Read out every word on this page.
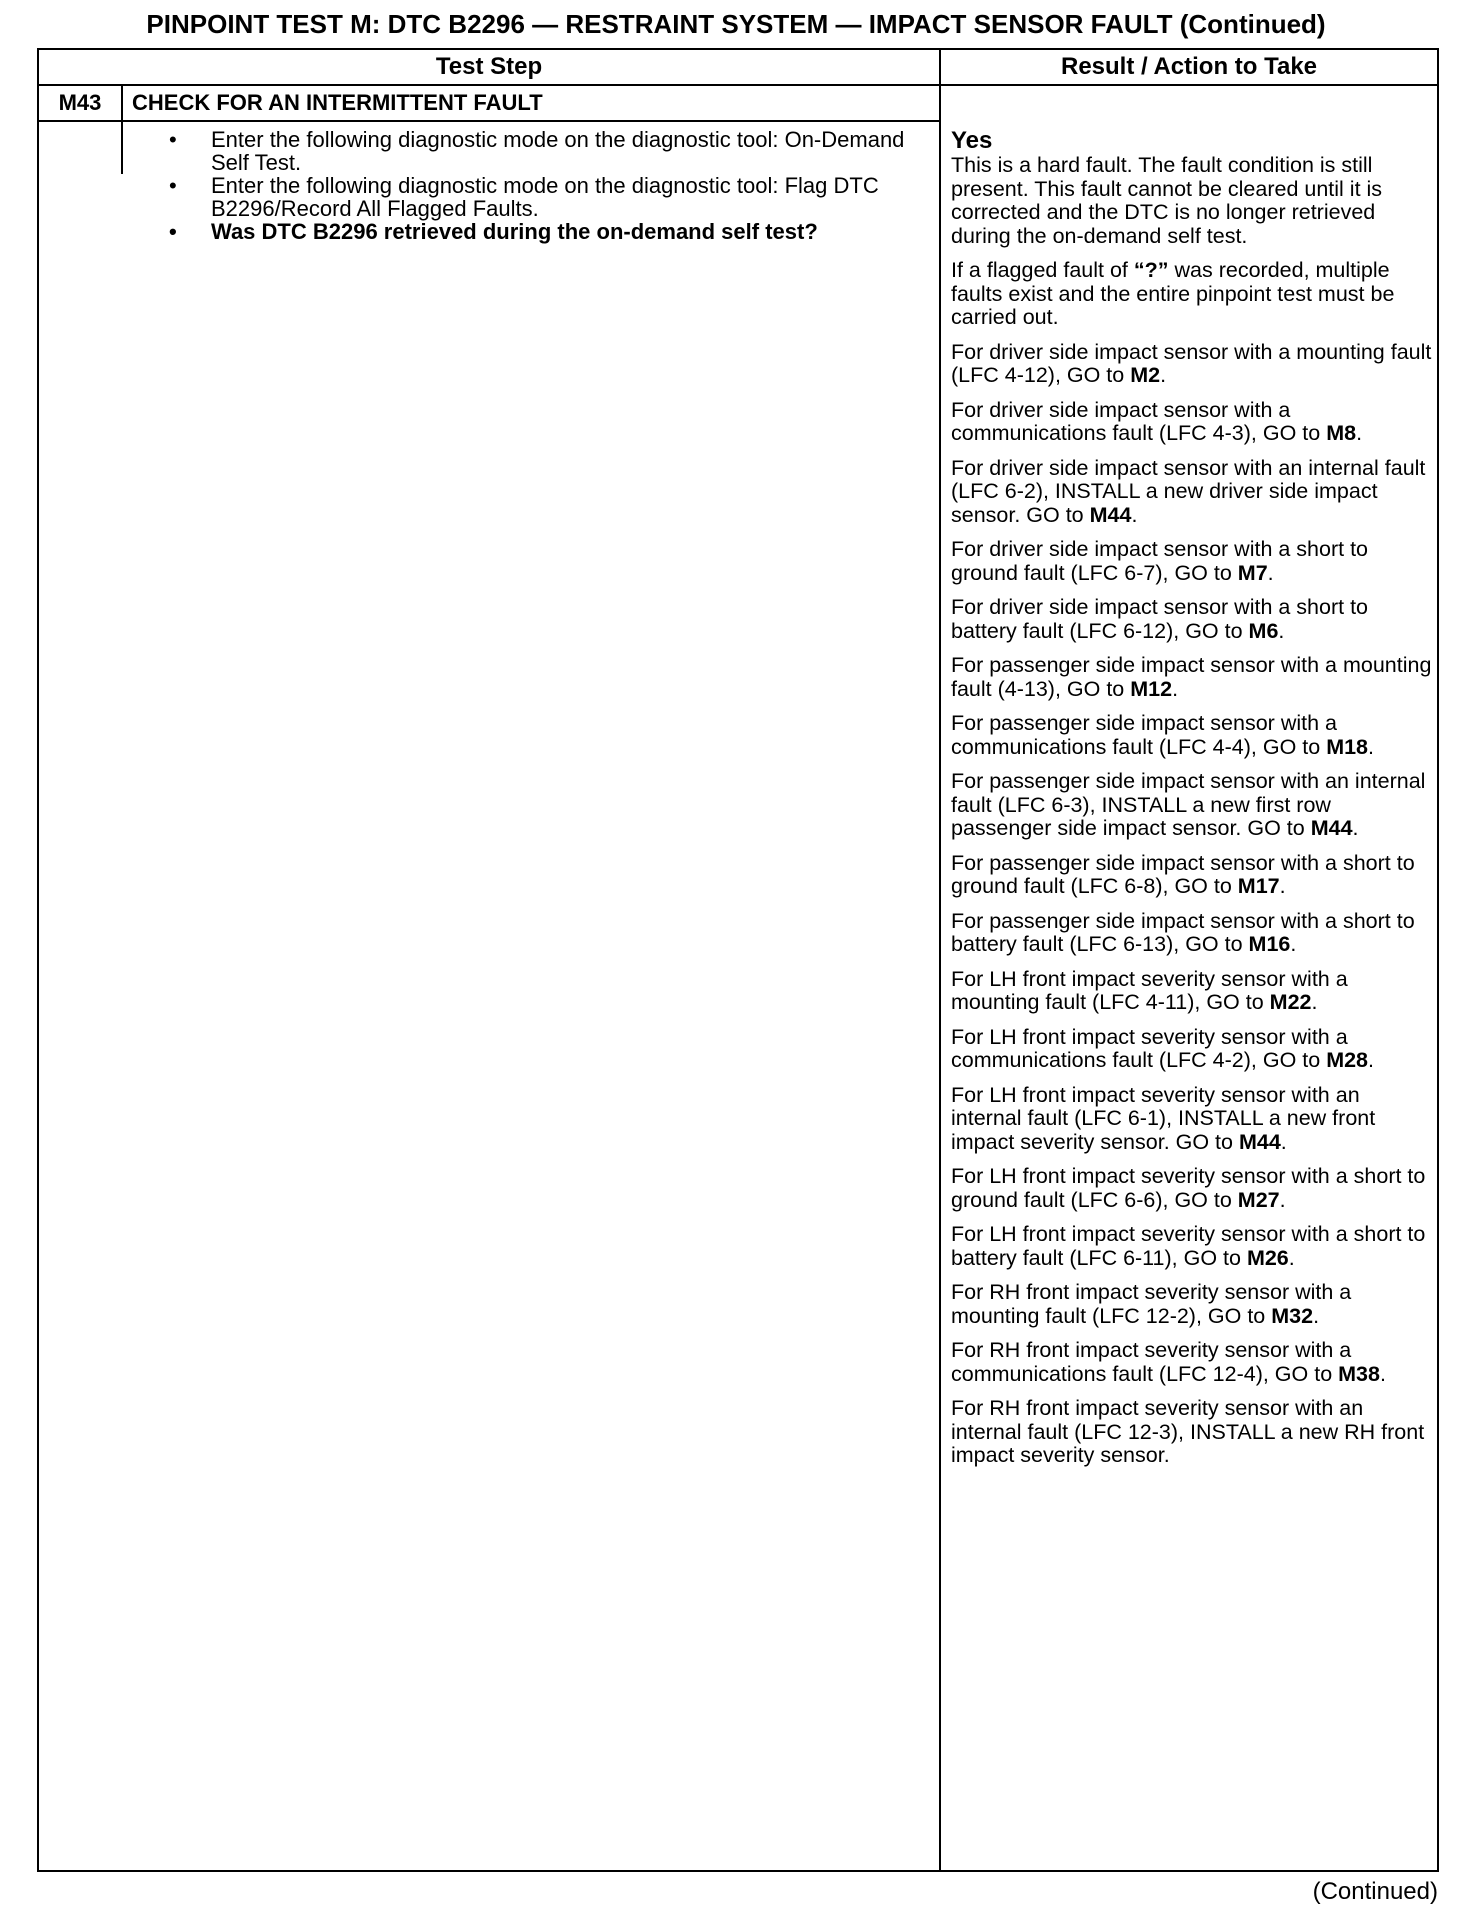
PINPOINT TEST M: DTC B2296 — RESTRAINT SYSTEM — IMPACT SENSOR FAULT (Continued)
Test Step	Result / Action to Take
M43	CHECK FOR AN INTERMITTENT FAULT
• Enter the following diagnostic mode on the diagnostic tool: On-Demand Self Test.
• Enter the following diagnostic mode on the diagnostic tool: Flag DTC B2296/Record All Flagged Faults.
• Was DTC B2296 retrieved during the on-demand self test?
Yes

This is a hard fault. The fault condition is still present. This fault cannot be cleared until it is corrected and the DTC is no longer retrieved during the on-demand self test.

If a flagged fault of “?” was recorded, multiple faults exist and the entire pinpoint test must be carried out.

For driver side impact sensor with a mounting fault (LFC 4-12), GO to M2.

For driver side impact sensor with a communications fault (LFC 4-3), GO to M8.

For driver side impact sensor with an internal fault (LFC 6-2), INSTALL a new driver side impact sensor. GO to M44.

For driver side impact sensor with a short to ground fault (LFC 6-7), GO to M7.

For driver side impact sensor with a short to battery fault (LFC 6-12), GO to M6.

For passenger side impact sensor with a mounting fault (4-13), GO to M12.

For passenger side impact sensor with a communications fault (LFC 4-4), GO to M18.

For passenger side impact sensor with an internal fault (LFC 6-3), INSTALL a new first row passenger side impact sensor. GO to M44.

For passenger side impact sensor with a short to ground fault (LFC 6-8), GO to M17.

For passenger side impact sensor with a short to battery fault (LFC 6-13), GO to M16.

For LH front impact severity sensor with a mounting fault (LFC 4-11), GO to M22.

For LH front impact severity sensor with a communications fault (LFC 4-2), GO to M28.

For LH front impact severity sensor with an internal fault (LFC 6-1), INSTALL a new front impact severity sensor. GO to M44.

For LH front impact severity sensor with a short to ground fault (LFC 6-6), GO to M27.

For LH front impact severity sensor with a short to battery fault (LFC 6-11), GO to M26.

For RH front impact severity sensor with a mounting fault (LFC 12-2), GO to M32.

For RH front impact severity sensor with a communications fault (LFC 12-4), GO to M38.

For RH front impact severity sensor with an internal fault (LFC 12-3), INSTALL a new RH front impact severity sensor.

(Continued)
